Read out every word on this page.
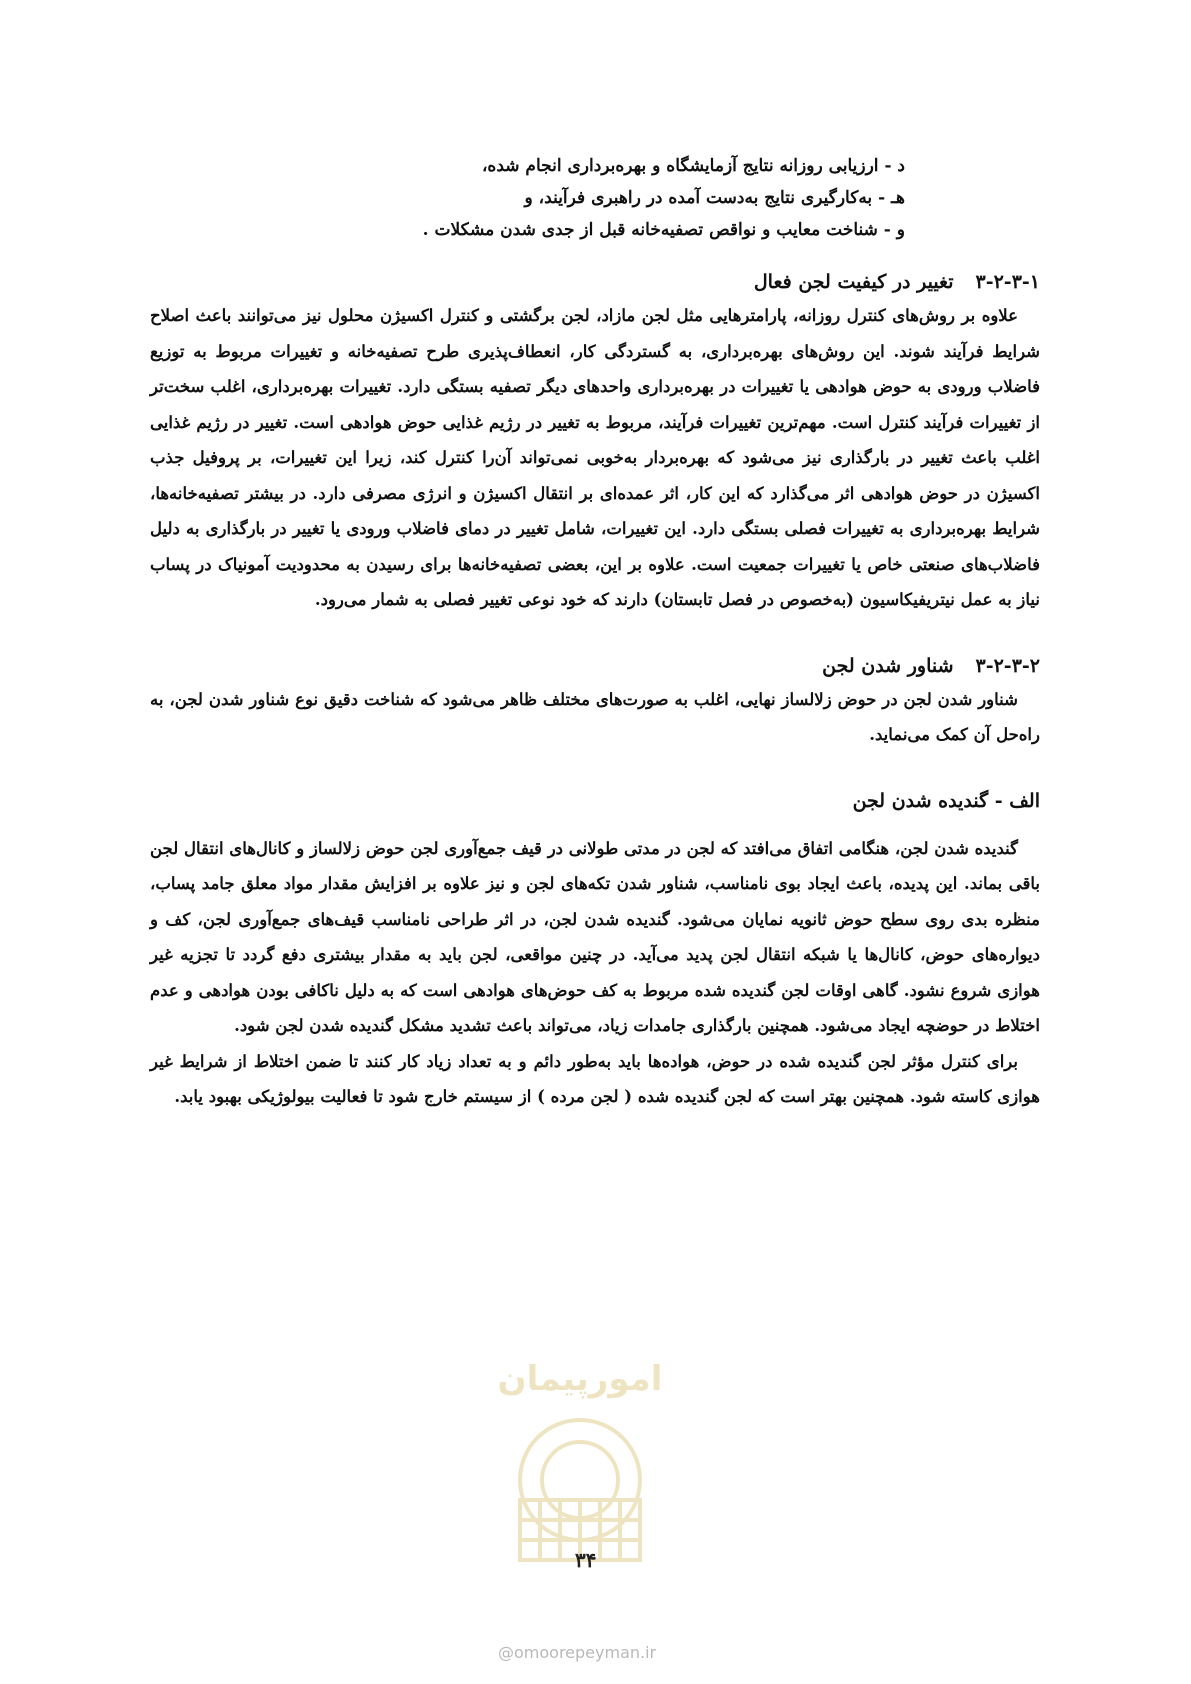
د - ارزیابی روزانه نتایج آزمایشگاه و بهره‌برداری انجام شده،

هـ - به‌کارگیری نتایج به‌دست آمده در راهبری فرآیند، و

و - شناخت معایب و نواقص تصفیه‌خانه قبل از جدی شدن مشکلات .

۳-۲-۳-۱تغییر در کیفیت لجن فعال

علاوه بر روش‌های کنترل روزانه، پارامترهایی مثل لجن مازاد، لجن برگشتی و کنترل اکسیژن محلول نیز می‌توانند باعث اصلاح شرایط فرآیند شوند. این روش‌های بهره‌برداری، به گستردگی کار، انعطاف‌پذیری طرح تصفیه‌خانه و تغییرات مربوط به توزیع فاضلاب ورودی به حوض هوادهی یا تغییرات در بهره‌برداری واحدهای دیگر تصفیه بستگی دارد. تغییرات بهره‌برداری، اغلب سخت‌تر از تغییرات فرآیند کنترل است. مهم‌ترین تغییرات فرآیند، مربوط به تغییر در رژیم غذایی حوض هوادهی است. تغییر در رژیم غذایی اغلب باعث تغییر در بارگذاری نیز می‌شود که بهره‌بردار به‌خوبی نمی‌تواند آن‌را کنترل کند، زیرا این تغییرات، بر پروفیل جذب اکسیژن در حوض هوادهی اثر می‌گذارد که این کار، اثر عمده‌ای بر انتقال اکسیژن و انرژی مصرفی دارد. در بیشتر تصفیه‌خانه‌ها، شرایط بهره‌برداری به تغییرات فصلی بستگی دارد. این تغییرات، شامل تغییر در دمای فاضلاب ورودی یا تغییر در بارگذاری به دلیل فاضلاب‌های صنعتی خاص یا تغییرات جمعیت است. علاوه بر این، بعضی تصفیه‌خانه‌ها برای رسیدن به محدودیت آمونیاک در پساب نیاز به عمل نیتریفیکاسیون (به‌خصوص در فصل تابستان) دارند که خود نوعی تغییر فصلی به شمار می‌رود.

۳-۲-۳-۲شناور شدن لجن

شناور شدن لجن در حوض زلالساز نهایی، اغلب به صورت‌های مختلف ظاهر می‌شود که شناخت دقیق نوع شناور شدن لجن، به راه‌حل آن کمک می‌نماید.

الف - گندیده شدن لجن

گندیده شدن لجن، هنگامی اتفاق می‌افتد که لجن در مدتی طولانی در قیف جمع‌آوری لجن حوض زلالساز و کانال‌های انتقال لجن باقی بماند. این پدیده، باعث ایجاد بوی نامناسب، شناور شدن تکه‌های لجن و نیز علاوه بر افزایش مقدار مواد معلق جامد پساب، منظره بدی روی سطح حوض ثانویه نمایان می‌شود. گندیده شدن لجن، در اثر طراحی نامناسب قیف‌های جمع‌آوری لجن، کف و دیواره‌های حوض، کانال‌ها یا شبکه انتقال لجن پدید می‌آید. در چنین مواقعی، لجن باید به مقدار بیشتری دفع گردد تا تجزیه غیر هوازی شروع نشود. گاهی اوقات لجن گندیده شده مربوط به کف حوض‌های هوادهی است که به دلیل ناکافی بودن هوادهی و عدم اختلاط در حوضچه ایجاد می‌شود. همچنین بارگذاری جامدات زیاد، می‌تواند باعث تشدید مشکل گندیده شدن لجن شود.

برای کنترل مؤثر لجن گندیده شده در حوض، هواده‌ها باید به‌طور دائم و به تعداد زیاد کار کنند تا ضمن اختلاط از شرایط غیر هوازی کاسته شود. همچنین بهتر است که لجن گندیده شده ( لجن مرده ) از سیستم خارج شود تا فعالیت بیولوژیکی بهبود یابد.

امورپیمان
۳۴
@omoorepeyman.ir
